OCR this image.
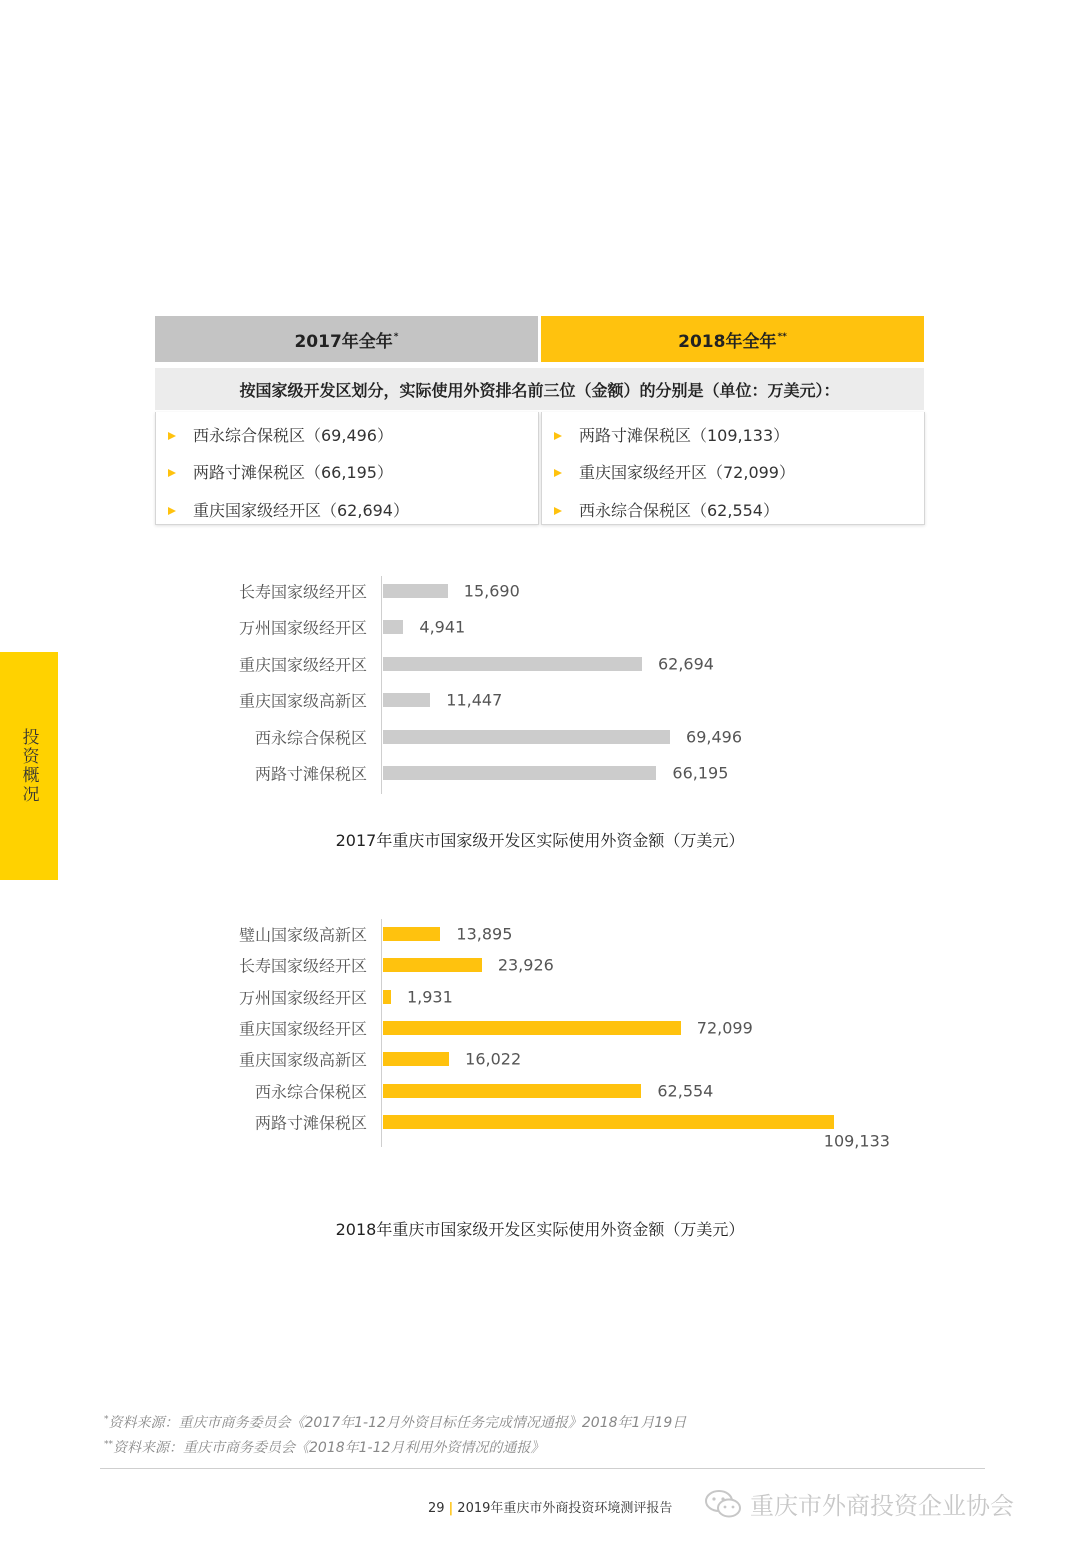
2017年全年*	2018年全年**
按国家级开发区划分，实际使用外资排名前三位（金额）的分别是（单位：万美元）：
西永综合保税区（69,496）
两路寸滩保税区（66,195）
重庆国家级经开区（62,694）
两路寸滩保税区（109,133）
重庆国家级经开区（72,099）
西永综合保税区（62,554）
投资概况
长寿国家级经开区	15,690
万州国家级经开区	4,941
重庆国家级经开区	62,694
重庆国家级高新区	11,447
西永综合保税区	69,496
两路寸滩保税区	66,195
2017年重庆市国家级开发区实际使用外资金额（万美元）
璧山国家级高新区	13,895
长寿国家级经开区	23,926
万州国家级经开区 1,931
重庆国家级经开区	72,099
重庆国家级高新区	16,022
西永综合保税区	62,554
两路寸滩保税区
109,133
2018年重庆市国家级开发区实际使用外资金额（万美元）
*资料来源：重庆市商务委员会《2017年1-12月外资目标任务完成情况通报》2018年1月19日
**资料来源：重庆市商务委员会《2018年1-12月利用外资情况的通报》
29 | 2019年重庆市外商投资环境测评报告	重庆市外商投资企业协会
